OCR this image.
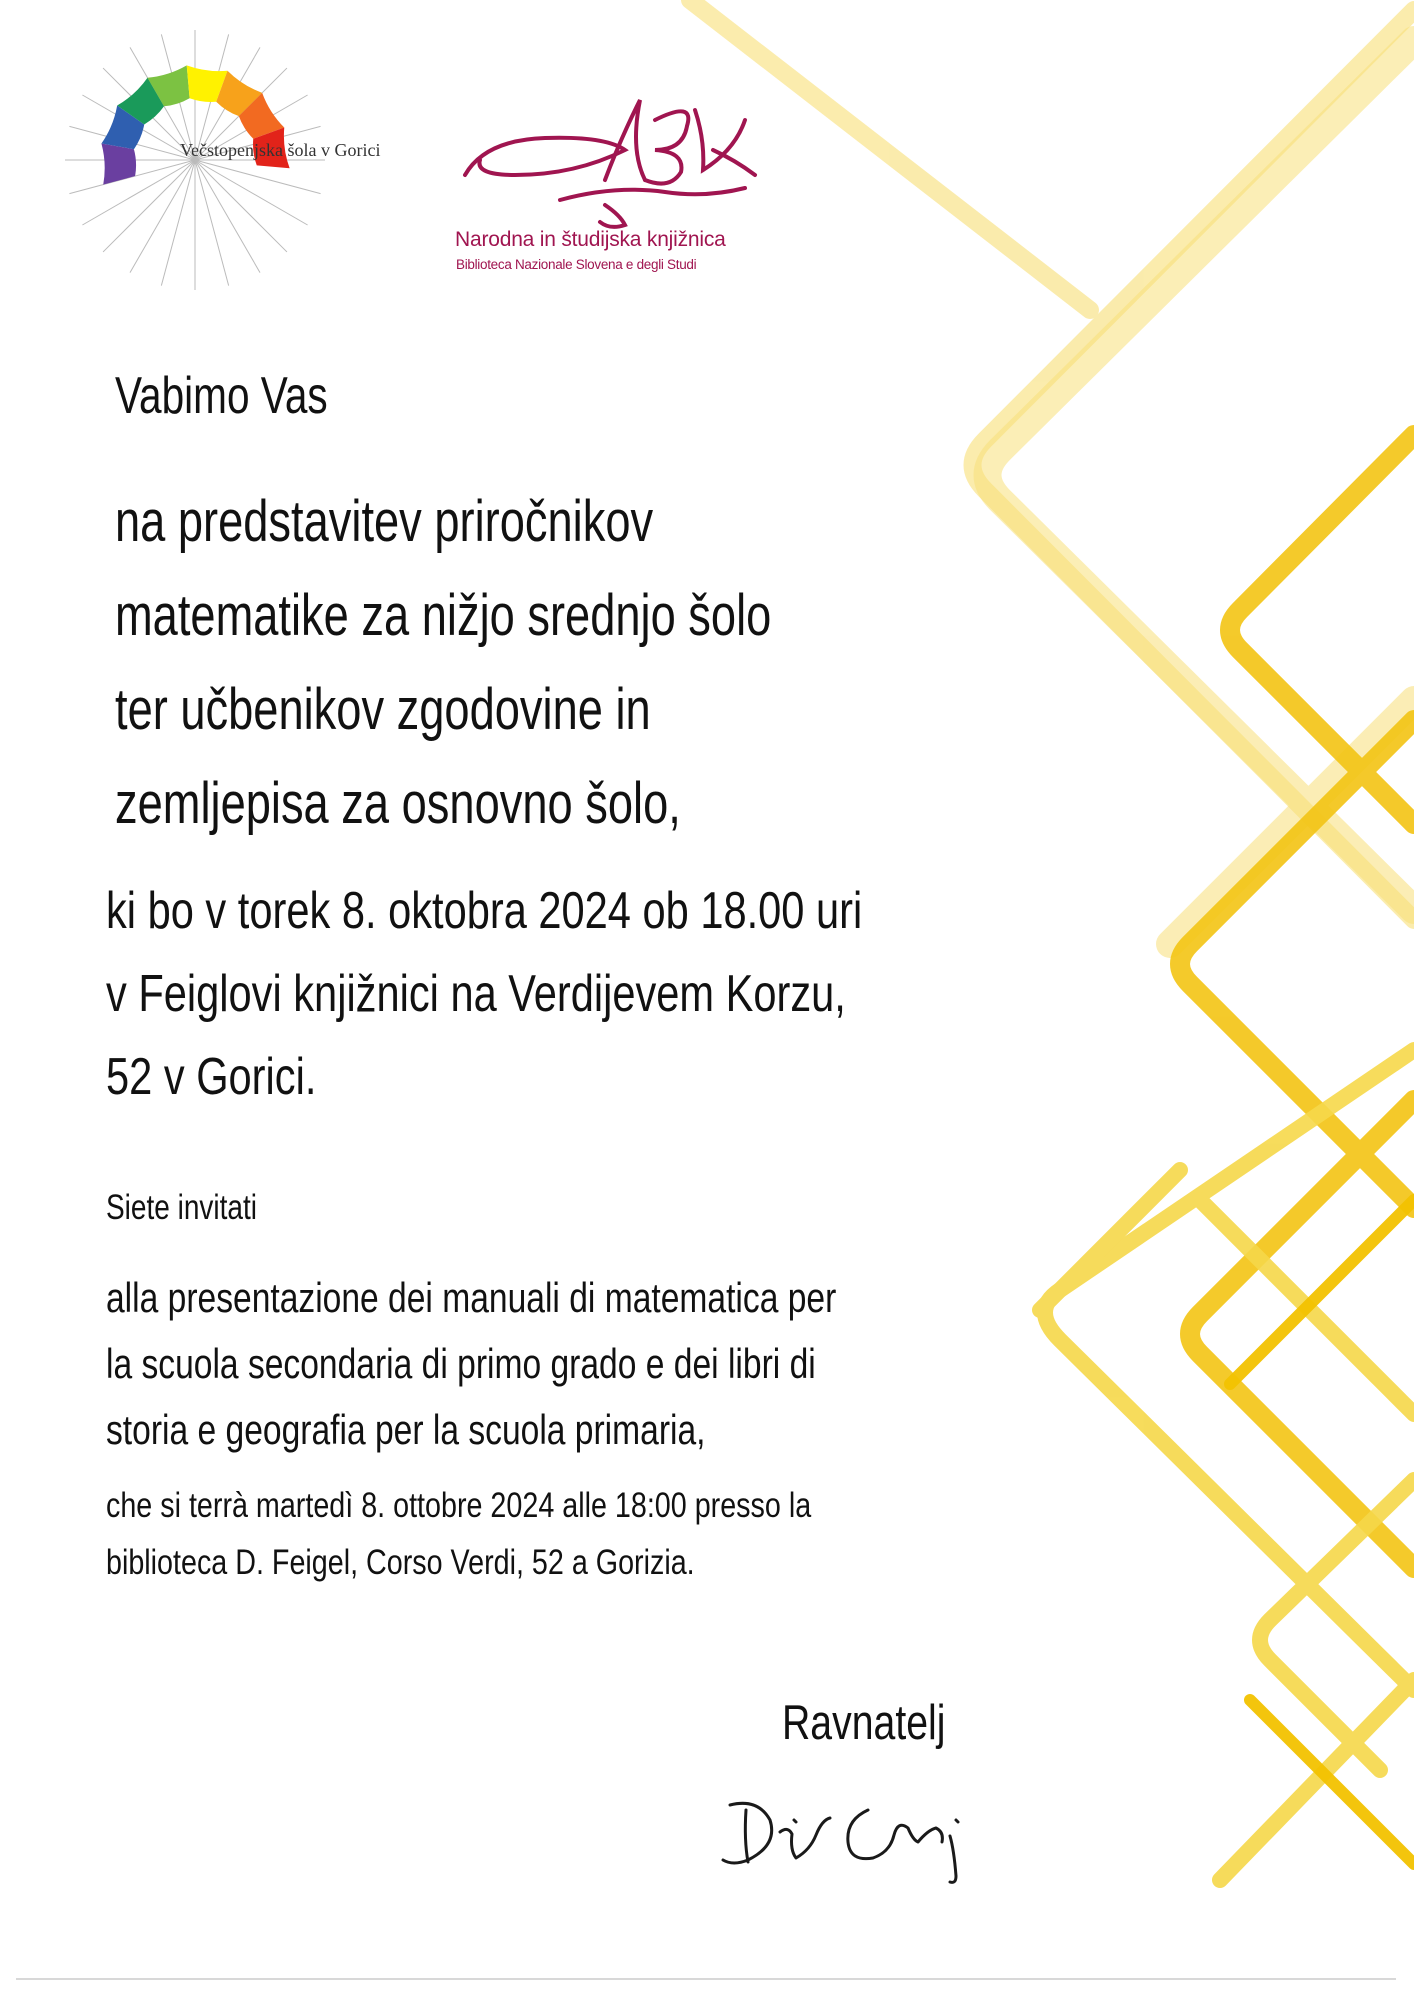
Večstopenjska šola v Gorici
Narodna in študijska knjižnica
Biblioteca Nazionale Slovena e degli Studi
Vabimo Vas
na predstavitev priročnikov
matematike za nižjo srednjo šolo
ter učbenikov zgodovine in
zemljepisa za osnovno šolo,
ki bo v torek 8. oktobra 2024 ob 18.00 uri
v Feiglovi knjižnici na Verdijevem Korzu,
52 v Gorici.
Siete invitati
alla presentazione dei manuali di matematica per
la scuola secondaria di primo grado e dei libri di
storia e geografia per la scuola primaria,
che si terrà martedì 8. ottobre 2024 alle 18:00 presso la
biblioteca D. Feigel, Corso Verdi, 52 a Gorizia.
Ravnatelj
